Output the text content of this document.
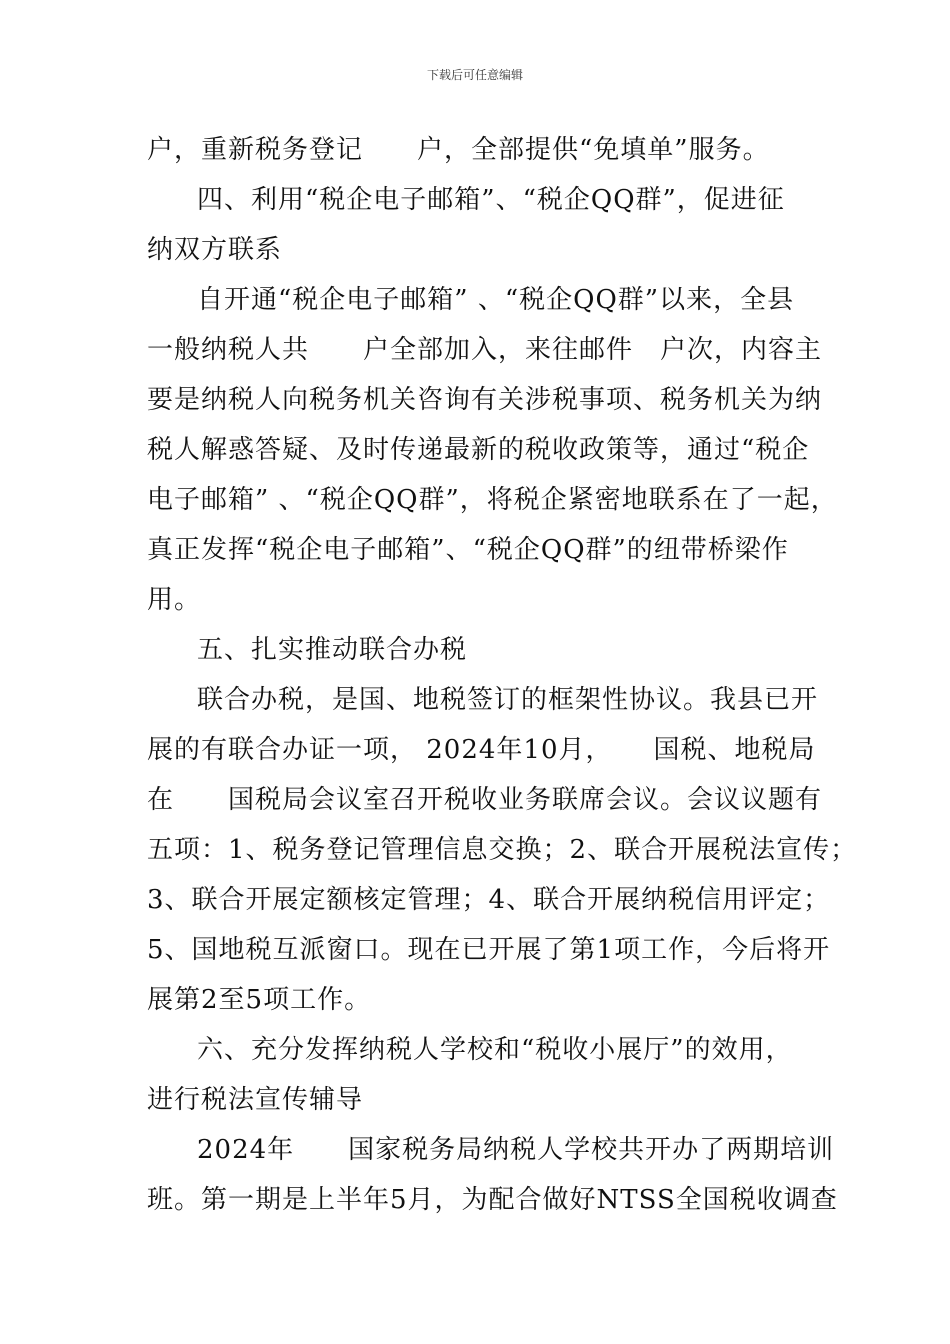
下载后可任意编辑
户，重新税务登记　　户，全部提供“免填单”服务。
四、利用“税企电子邮箱”、“税企QQ群”，促进征
纳双方联系
自开通“税企电子邮箱” 、“税企QQ群”以来，全县
一般纳税人共　　户全部加入，来往邮件　户次，内容主
要是纳税人向税务机关咨询有关涉税事项、税务机关为纳
税人解惑答疑、及时传递最新的税收政策等，通过“税企
电子邮箱” 、“税企QQ群”，将税企紧密地联系在了一起，
真正发挥“税企电子邮箱”、“税企QQ群”的纽带桥梁作
用。
五、扎实推动联合办税
联合办税，是国、地税签订的框架性协议。我县已开
展的有联合办证一项， 2024年10月，　　国税、地税局
在　　国税局会议室召开税收业务联席会议。会议议题有
五项：1、税务登记管理信息交换；2、联合开展税法宣传；
3、联合开展定额核定管理；4、联合开展纳税信用评定；
5、国地税互派窗口。现在已开展了第1项工作，今后将开
展第2至5项工作。
六、充分发挥纳税人学校和“税收小展厅”的效用，
进行税法宣传辅导
2024年　　国家税务局纳税人学校共开办了两期培训
班。第一期是上半年5月，为配合做好NTSS全国税收调查
